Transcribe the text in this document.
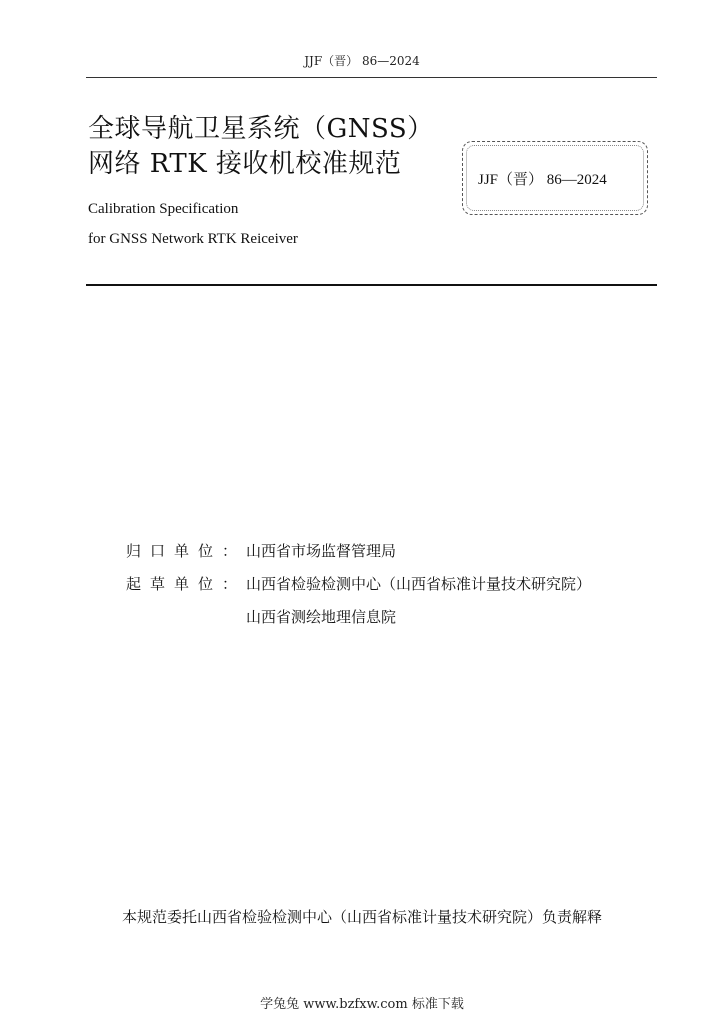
JJF（晋） 86—2024
全球导航卫星系统（GNSS）
网络 RTK 接收机校准规范
JJF（晋） 86—2024
Calibration Specification
for GNSS Network RTK Reiceiver
归口单位： 山西省市场监督管理局
起草单位： 山西省检验检测中心（山西省标准计量技术研究院）
山西省测绘地理信息院
本规范委托山西省检验检测中心（山西省标准计量技术研究院）负责解释
学兔兔 www.bzfxw.com 标准下载
